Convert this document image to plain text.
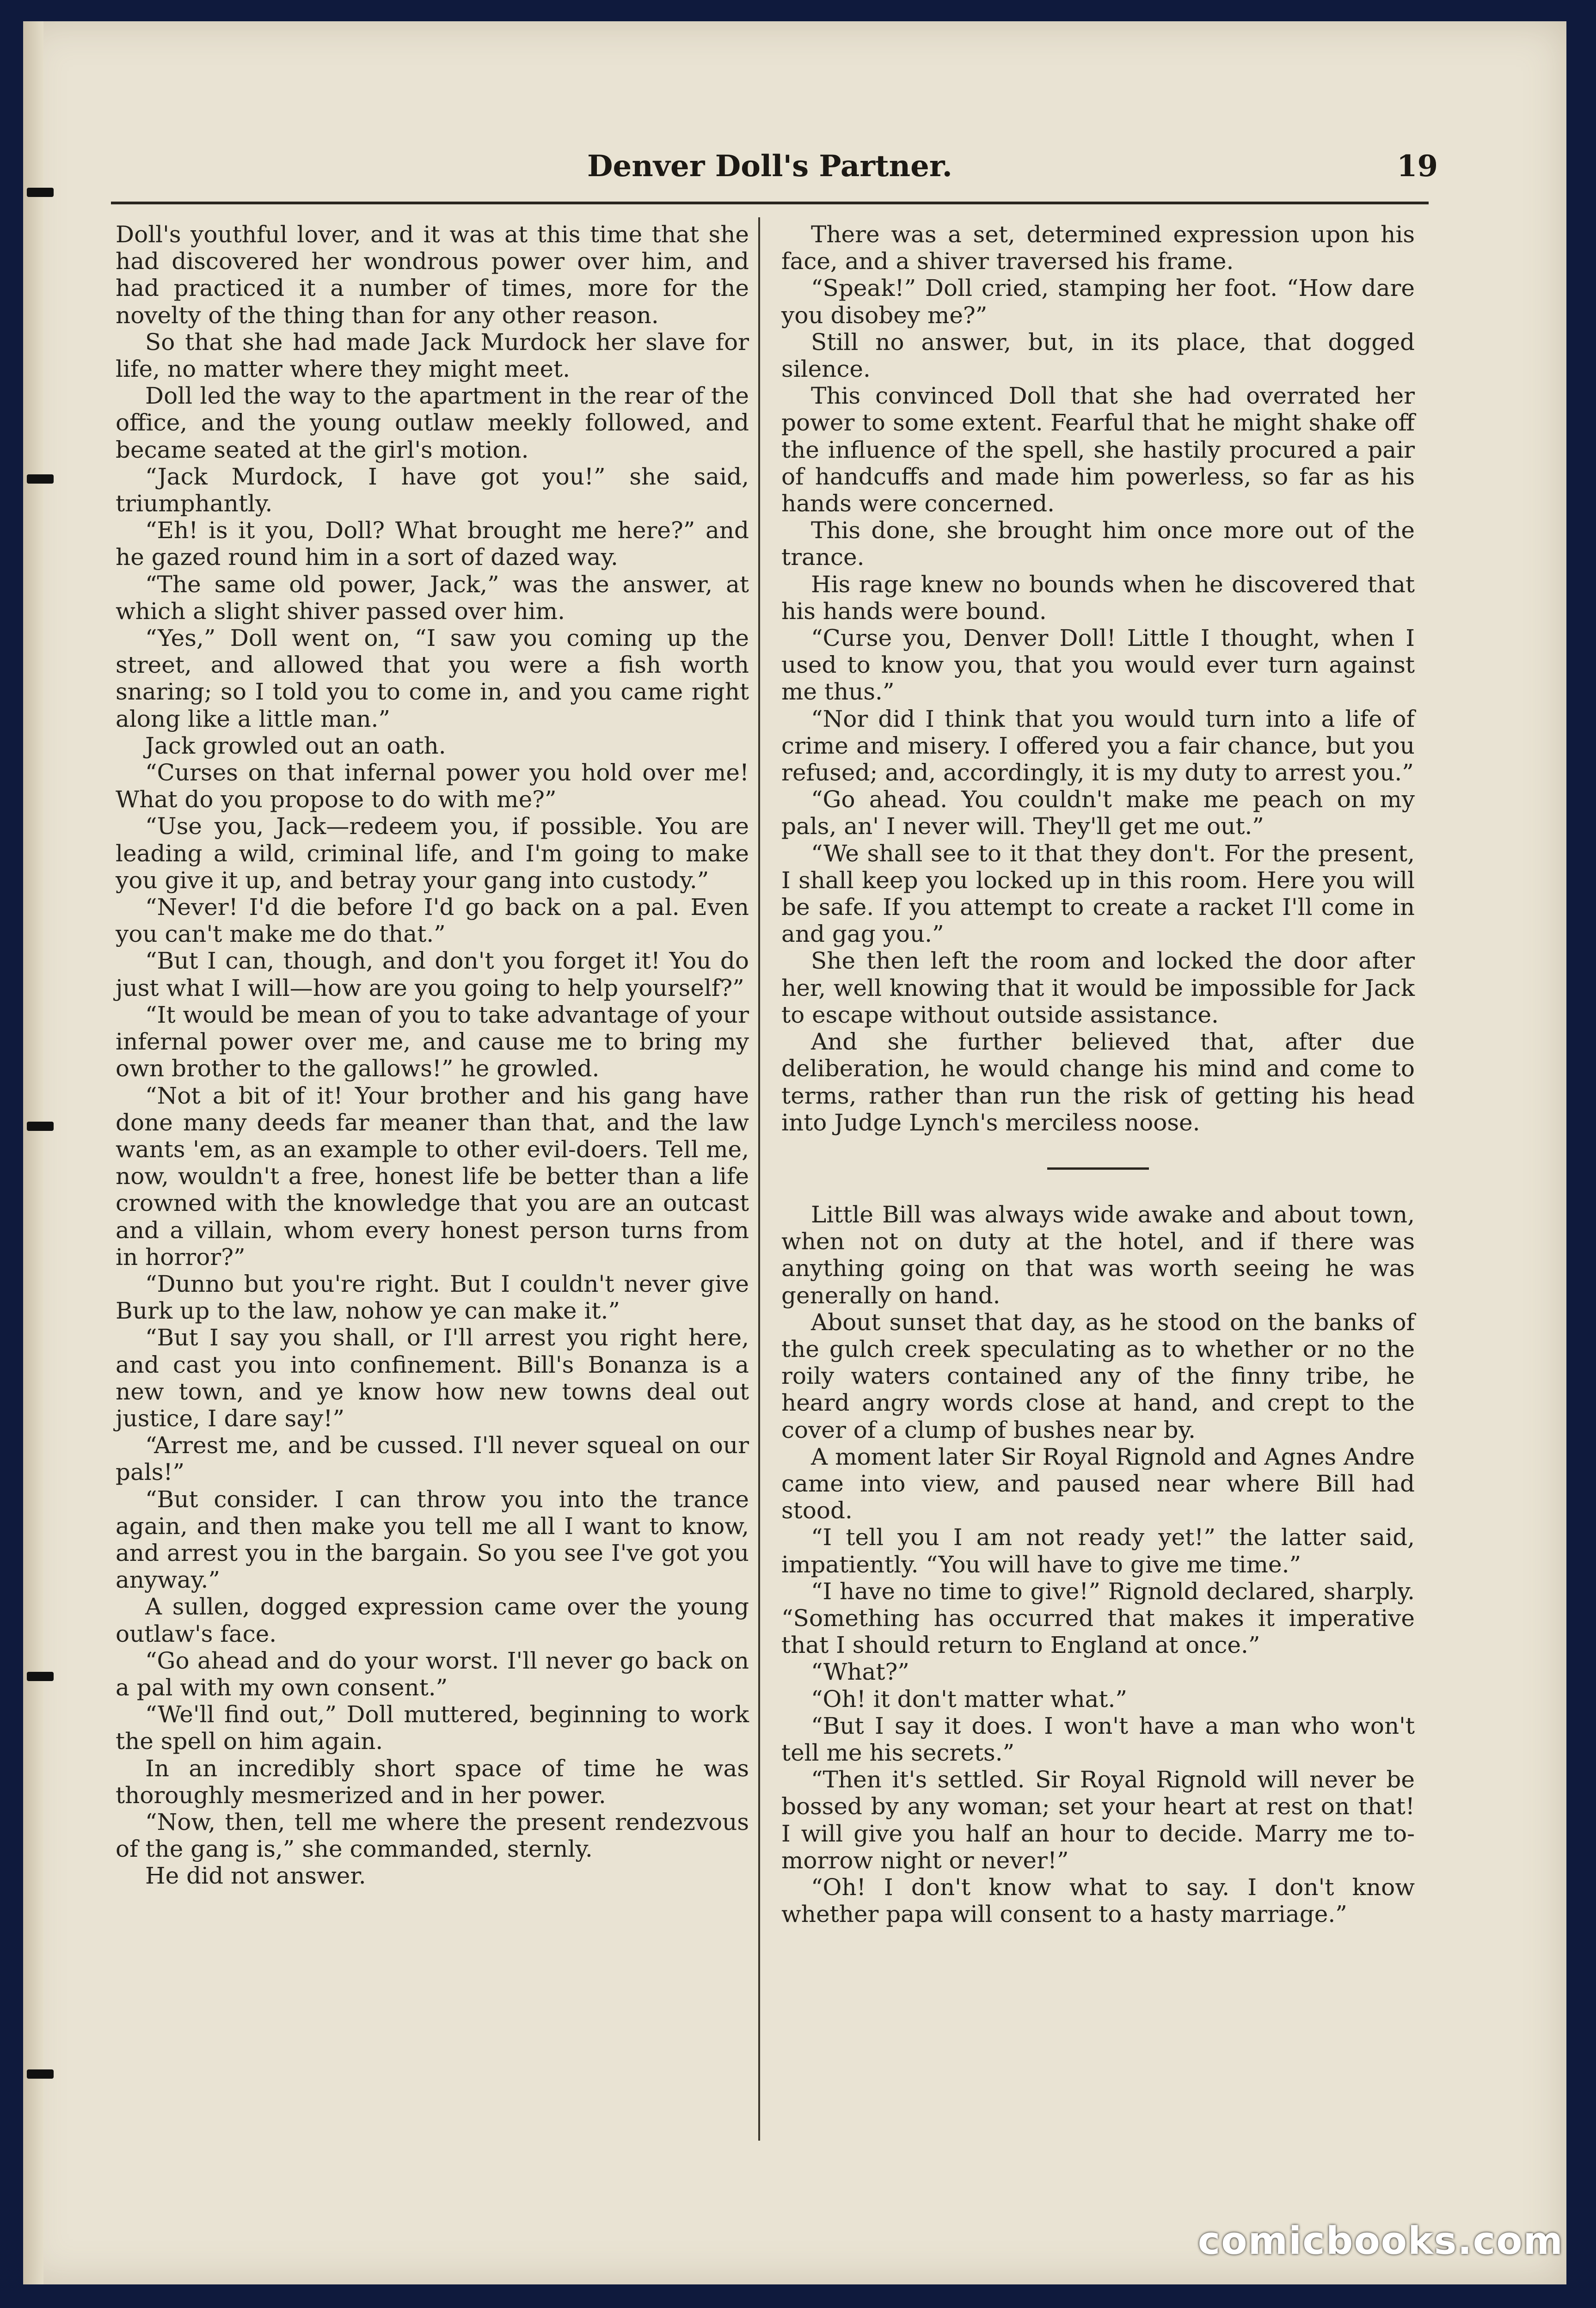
Denver Doll's Partner.	19

Doll's youthful lover, and it was at this time that she had discovered her wondrous power over him, and had practiced it a number of times, more for the novelty of the thing than for any other reason.

So that she had made Jack Murdock her slave for life, no matter where they might meet.

Doll led the way to the apartment in the rear of the office, and the young outlaw meekly followed, and became seated at the girl's motion.

“Jack Murdock, I have got you!” she said, triumphantly.

“Eh! is it you, Doll? What brought me here?” and he gazed round him in a sort of dazed way.

“The same old power, Jack,” was the answer, at which a slight shiver passed over him.

“Yes,” Doll went on, “I saw you coming up the street, and allowed that you were a fish worth snaring; so I told you to come in, and you came right along like a little man.”

Jack growled out an oath.

“Curses on that infernal power you hold over me! What do you propose to do with me?”

“Use you, Jack—redeem you, if possible. You are leading a wild, criminal life, and I'm going to make you give it up, and betray your gang into custody.”

“Never! I'd die before I'd go back on a pal. Even you can't make me do that.”

“But I can, though, and don't you forget it! You do just what I will—how are you going to help yourself?”

“It would be mean of you to take advantage of your infernal power over me, and cause me to bring my own brother to the gallows!” he growled.

“Not a bit of it! Your brother and his gang have done many deeds far meaner than that, and the law wants 'em, as an example to other evil-doers. Tell me, now, wouldn't a free, honest life be better than a life crowned with the knowledge that you are an outcast and a villain, whom every honest person turns from in horror?”

“Dunno but you're right. But I couldn't never give Burk up to the law, nohow ye can make it.”

“But I say you shall, or I'll arrest you right here, and cast you into confinement. Bill's Bonanza is a new town, and ye know how new towns deal out justice, I dare say!”

“Arrest me, and be cussed. I'll never squeal on our pals!”

“But consider. I can throw you into the trance again, and then make you tell me all I want to know, and arrest you in the bargain. So you see I've got you anyway.”

A sullen, dogged expression came over the young outlaw's face.

“Go ahead and do your worst. I'll never go back on a pal with my own consent.”

“We'll find out,” Doll muttered, beginning to work the spell on him again.

In an incredibly short space of time he was thoroughly mesmerized and in her power.

“Now, then, tell me where the present rendezvous of the gang is,” she commanded, sternly.

He did not answer.

There was a set, determined expression upon his face, and a shiver traversed his frame.

“Speak!” Doll cried, stamping her foot. “How dare you disobey me?”

Still no answer, but, in its place, that dogged silence.

This convinced Doll that she had overrated her power to some extent. Fearful that he might shake off the influence of the spell, she hastily procured a pair of handcuffs and made him powerless, so far as his hands were concerned.

This done, she brought him once more out of the trance.

His rage knew no bounds when he discovered that his hands were bound.

“Curse you, Denver Doll! Little I thought, when I used to know you, that you would ever turn against me thus.”

“Nor did I think that you would turn into a life of crime and misery. I offered you a fair chance, but you refused; and, accordingly, it is my duty to arrest you.”

“Go ahead. You couldn't make me peach on my pals, an' I never will. They'll get me out.”

“We shall see to it that they don't. For the present, I shall keep you locked up in this room. Here you will be safe. If you attempt to create a racket I'll come in and gag you.”

She then left the room and locked the door after her, well knowing that it would be impossible for Jack to escape without outside assistance.

And she further believed that, after due deliberation, he would change his mind and come to terms, rather than run the risk of getting his head into Judge Lynch's merciless noose.

Little Bill was always wide awake and about town, when not on duty at the hotel, and if there was anything going on that was worth seeing he was generally on hand.

About sunset that day, as he stood on the banks of the gulch creek speculating as to whether or no the roily waters contained any of the finny tribe, he heard angry words close at hand, and crept to the cover of a clump of bushes near by.

A moment later Sir Royal Rignold and Agnes Andre came into view, and paused near where Bill had stood.

“I tell you I am not ready yet!” the latter said, impatiently. “You will have to give me time.”

“I have no time to give!” Rignold declared, sharply. “Something has occurred that makes it imperative that I should return to England at once.”

“What?”

“Oh! it don't matter what.”

“But I say it does. I won't have a man who won't tell me his secrets.”

“Then it's settled. Sir Royal Rignold will never be bossed by any woman; set your heart at rest on that! I will give you half an hour to decide. Marry me to-morrow night or never!”

“Oh! I don't know what to say. I don't know whether papa will consent to a hasty marriage.”

comicbooks.com
